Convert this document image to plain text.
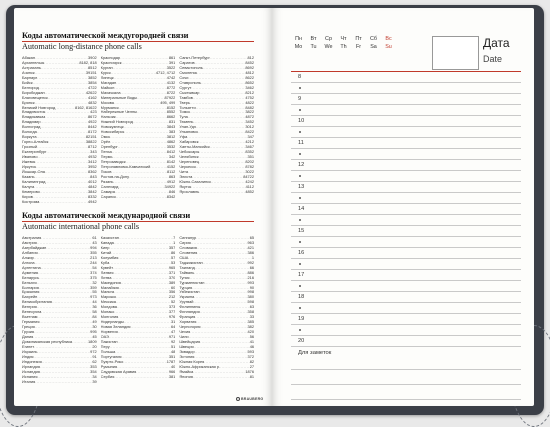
Коды автоматической междугородней связи
Automatic long-distance phone calls
Абакан .....	3902
Архангельск .....	8182, 818
Астрахань .....	8512
Ачинск .....	39151
Барнаул .....	3852
Бийск .....	3854
Белгород .....	4722
Биробиджан .....	42622
Благовещенск .....	4162
Брянск .....	4832
Великий Новгород .....	8162, 81622
Владивосток .....	423
Владикавказ .....	8672
Владимир .....	4922
Волгоград .....	8442
Вологда .....	8172
Воркута .....	82151
Горно-Алтайск .....	38822
Грозный .....	8712
Екатеринбург .....	343
Иваново .....	4932
Ижевск .....	3412
Иркутск .....	3952
Йошкар-Ола .....	8362
Казань .....	843
Калининград .....	4012
Калуга .....	4842
Кемерово .....	3842
Киров .....	8332
Кострома .....	4942
Краснодар .....	861
Красноярск .....	391
Курган .....	3522
Курск .....	4712, 4712
Липецк .....	4742
Магадан .....	4132
Майкоп .....	8772
Махачкала .....	8722
Минеральные Воды .....	87922
Москва .....	495, 499
Мурманск .....	8152
Набережные Челны .....	8552
Нальчик .....	8662
Нижний Новгород .....	831
Новокузнецк .....	3843
Новосибирск .....	383
Омск .....	3812
Орёл .....	4862
Оренбург .....	3532
Пенза .....	8412
Пермь .....	342
Петрозаводск .....	8142
Петропавловск-Камчатский .....	4152
Псков .....	8112
Ростов-на-Дону .....	863
Рязань .....	4912
Салехард .....	34922
Самара .....	846
Саранск .....	8342
Санкт-Петербург .....	812
Саратов .....	8452
Севастополь .....	8692
Смоленск .....	4812
Сочи .....	8622
Ставрополь .....	8652
Сургут .....	3462
Сыктывкар .....	8212
Тамбов .....	4752
Тверь .....	4822
Тольятти .....	8482
Томск .....	3822
Тула .....	4872
Тюмень .....	3452
Улан-Удэ .....	3012
Ульяновск .....	8422
Уфа .....	347
Хабаровск .....	4212
Ханты-Мансийск .....	3467
Чебоксары .....	8352
Челябинск .....	351
Череповец .....	8202
Черкесск .....	8782
Чита .....	3022
Элиста .....	84722
Южно-Сахалинск .....	4242
Якутск .....	4112
Ярославль .....	4852
Коды автоматической международной связи
Automatic international phone calls
Австралия .....	61
Австрия .....	43
Азербайджан .....	994
Албания .....	355
Алжир .....	213
Ангола .....	244
Аргентина .....	54
Армения .....	374
Беларусь .....	375
Бельгия .....	32
Болгария .....	359
Бразилия .....	55
Бахрейн .....	973
Великобритания .....	44
Венгрия .....	36
Венесуэла .....	58
Вьетнам .....	84
Германия .....	49
Греция .....	30
Грузия .....	995
Дания .....	45
Доминиканская республика .....	1809
Египет .....	20
Израиль .....	972
Индия .....	91
Индонезия .....	62
Ирландия .....	353
Исландия .....	354
Испания .....	34
Италия .....	39
Казахстан .....	7
Канада .....	1
Кипр .....	357
Китай .....	86
Колумбия .....	57
Куба .....	53
Кувейт .....	965
Латвия .....	371
Литва .....	370
Македония .....	389
Малайзия .....	60
Мальта .....	356
Марокко .....	212
Мексика .....	52
Молдова .....	373
Монако .....	377
Монголия .....	976
Нидерланды .....	31
Новая Зеландия .....	64
Норвегия .....	47
ОАЭ .....	971
Пакистан .....	92
Перу .....	51
Польша .....	48
Португалия .....	351
Пуэрто-Рико .....	1787
Румыния .....	40
Саудовская Аравия .....	966
Сербия .....	381
Сингапур .....	65
Сирия .....	963
Словакия .....	421
Словения .....	386
США .....	1
Таджикистан .....	992
Таиланд .....	66
Тайвань .....	886
Тунис .....	216
Туркменистан .....	993
Турция .....	90
Узбекистан .....	998
Украина .....	380
Уругвай .....	598
Филиппины .....	63
Финляндия .....	358
Франция .....	33
Хорватия .....	385
Черногория .....	382
Чехия .....	420
Чили .....	56
Швейцария .....	41
Швеция .....	46
Эквадор .....	593
Эстония .....	372
Южная Корея .....	82
Южно-Африканская р. .....	27
Ямайка .....	1876
Япония .....	81
BRAUBERG
Пн
Mo
Вт
Tu
Ср
We
Чт
Th
Пт
Fr
Сб
Sa
Вс
Su	Дата
Date
8
9
10
11
12
13
14
15
16
17
18
19
20
Для заметок
